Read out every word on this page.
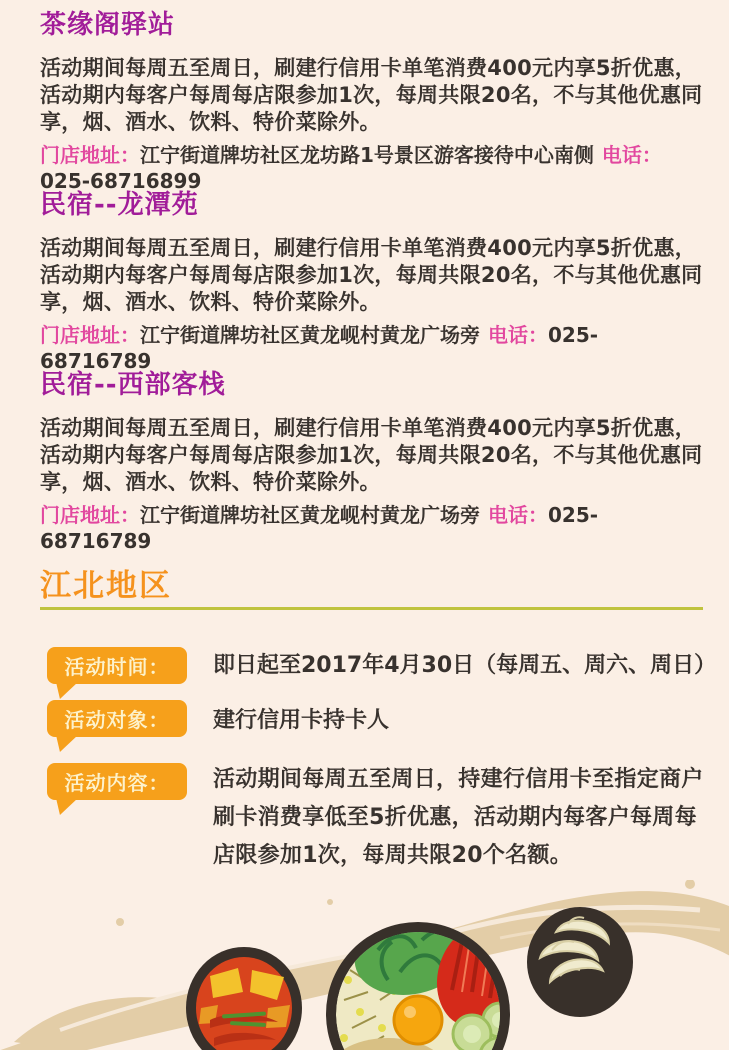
茶缘阁驿站
活动期间每周五至周日，刷建行信用卡单笔消费400元内享5折优惠，活动期内每客户每周每店限参加1次，每周共限20名，不与其他优惠同享，烟、酒水、饮料、特价菜除外。
门店地址：江宁街道牌坊社区龙坊路1号景区游客接待中心南侧 电话：025-68716899
民宿--龙潭苑
活动期间每周五至周日，刷建行信用卡单笔消费400元内享5折优惠，活动期内每客户每周每店限参加1次，每周共限20名，不与其他优惠同享，烟、酒水、饮料、特价菜除外。
门店地址：江宁街道牌坊社区黄龙岘村黄龙广场旁 电话：025-68716789
民宿--西部客栈
活动期间每周五至周日，刷建行信用卡单笔消费400元内享5折优惠，活动期内每客户每周每店限参加1次，每周共限20名，不与其他优惠同享，烟、酒水、饮料、特价菜除外。
门店地址：江宁街道牌坊社区黄龙岘村黄龙广场旁 电话：025-68716789
江北地区
活动时间：	即日起至2017年4月30日（每周五、周六、周日）
活动对象：	建行信用卡持卡人
活动内容：	活动期间每周五至周日，持建行信用卡至指定商户刷卡消费享低至5折优惠，活动期内每客户每周每店限参加1次，每周共限20个名额。
